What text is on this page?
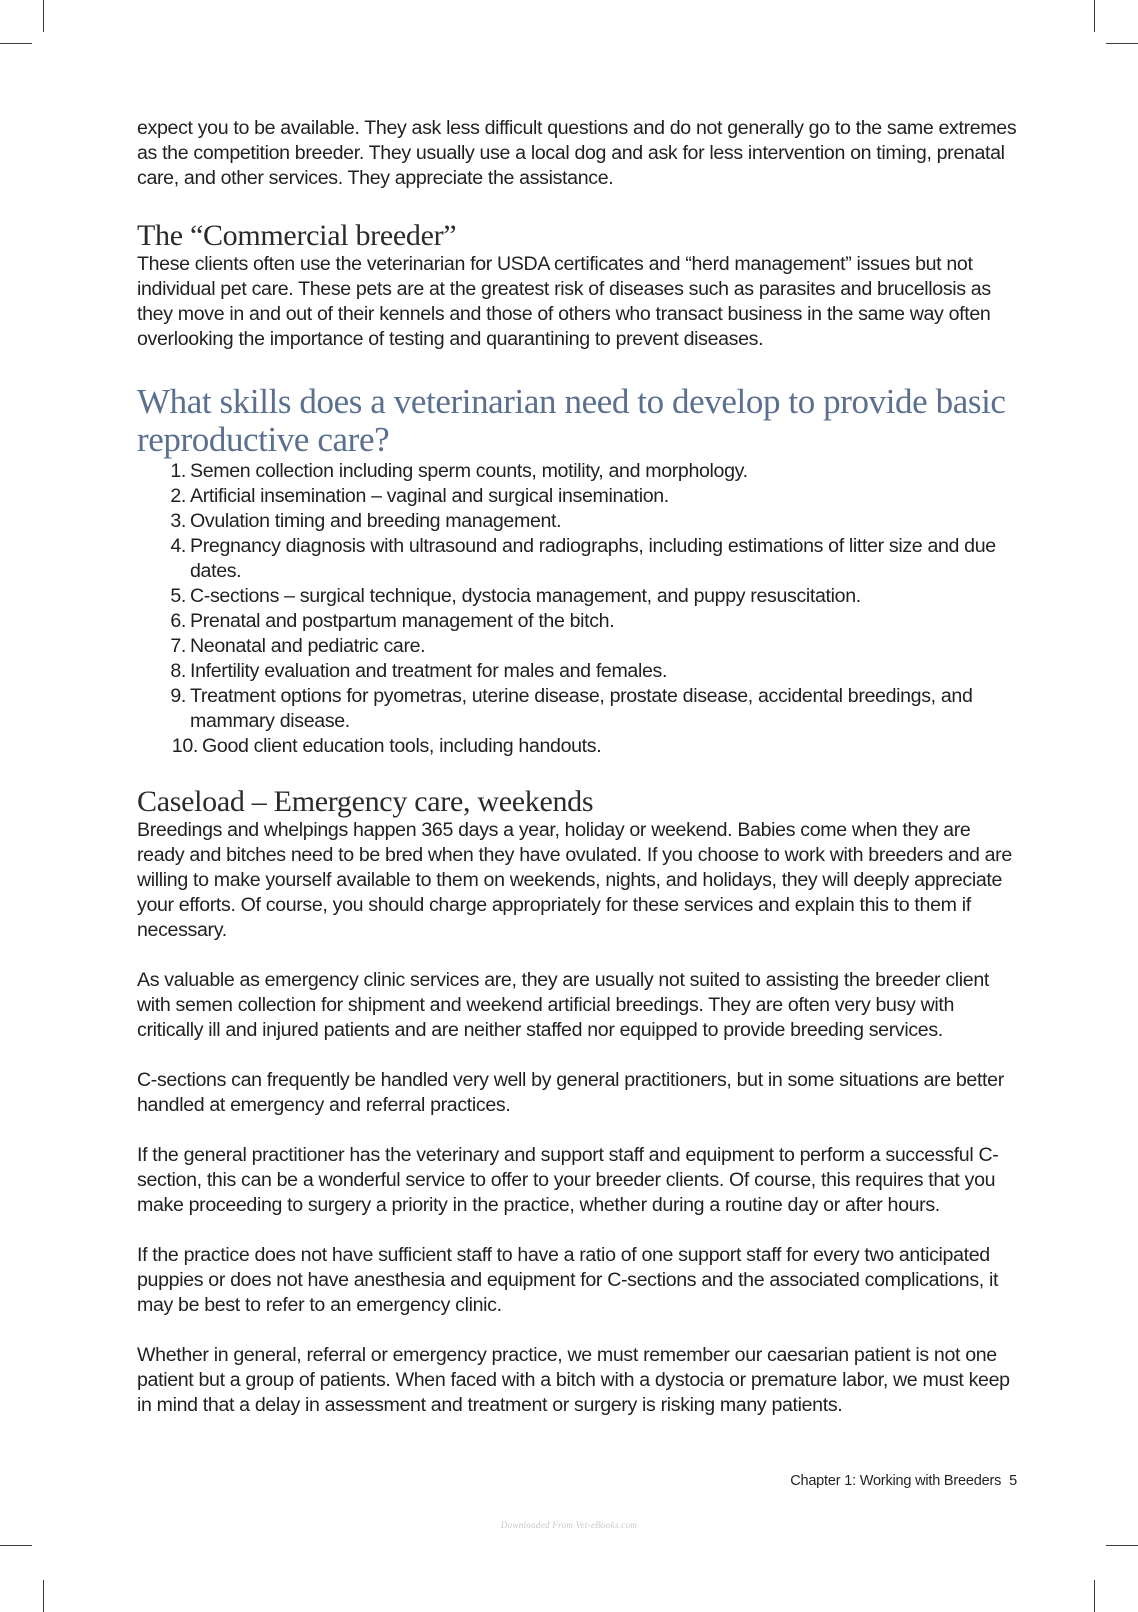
expect you to be available. They ask less difficult questions and do not generally go to the same extremes as the competition breeder. They usually use a local dog and ask for less intervention on timing, prenatal care, and other services. They appreciate the assistance.

The “Commercial breeder”

These clients often use the veterinarian for USDA certificates and “herd management” issues but not individual pet care. These pets are at the greatest risk of diseases such as parasites and brucellosis as they move in and out of their kennels and those of others who transact business in the same way often overlooking the importance of testing and quarantining to prevent diseases.

What skills does a veterinarian need to develop to provide basic
reproductive care?
1. Semen collection including sperm counts, motility, and morphology.
2. Artificial insemination – vaginal and surgical insemination.
3. Ovulation timing and breeding management.
4. Pregnancy diagnosis with ultrasound and radiographs, including estimations of litter size and due dates.
5. C-sections – surgical technique, dystocia management, and puppy resuscitation.
6. Prenatal and postpartum management of the bitch.
7. Neonatal and pediatric care.
8. Infertility evaluation and treatment for males and females.
9. Treatment options for pyometras, uterine disease, prostate disease, accidental breedings, and mammary disease.
10. Good client education tools, including handouts.
Caseload – Emergency care, weekends

Breedings and whelpings happen 365 days a year, holiday or weekend. Babies come when they are ready and bitches need to be bred when they have ovulated. If you choose to work with breeders and are willing to make yourself available to them on weekends, nights, and holidays, they will deeply appreciate your efforts. Of course, you should charge appropriately for these services and explain this to them if necessary.

As valuable as emergency clinic services are, they are usually not suited to assisting the breeder client with semen collection for shipment and weekend artificial breedings. They are often very busy with critically ill and injured patients and are neither staffed nor equipped to provide breeding services.

C-sections can frequently be handled very well by general practitioners, but in some situations are better handled at emergency and referral practices.

If the general practitioner has the veterinary and support staff and equipment to perform a successful C-section, this can be a wonderful service to offer to your breeder clients. Of course, this requires that you make proceeding to surgery a priority in the practice, whether during a routine day or after hours.

If the practice does not have sufficient staff to have a ratio of one support staff for every two anticipated puppies or does not have anesthesia and equipment for C-sections and the associated complications, it may be best to refer to an emergency clinic.

Whether in general, referral or emergency practice, we must remember our caesarian patient is not one patient but a group of patients. When faced with a bitch with a dystocia or premature labor, we must keep in mind that a delay in assessment and treatment or surgery is risking many patients.

Chapter 1: Working with Breeders 5
Downloaded From Vet-eBooks.com
